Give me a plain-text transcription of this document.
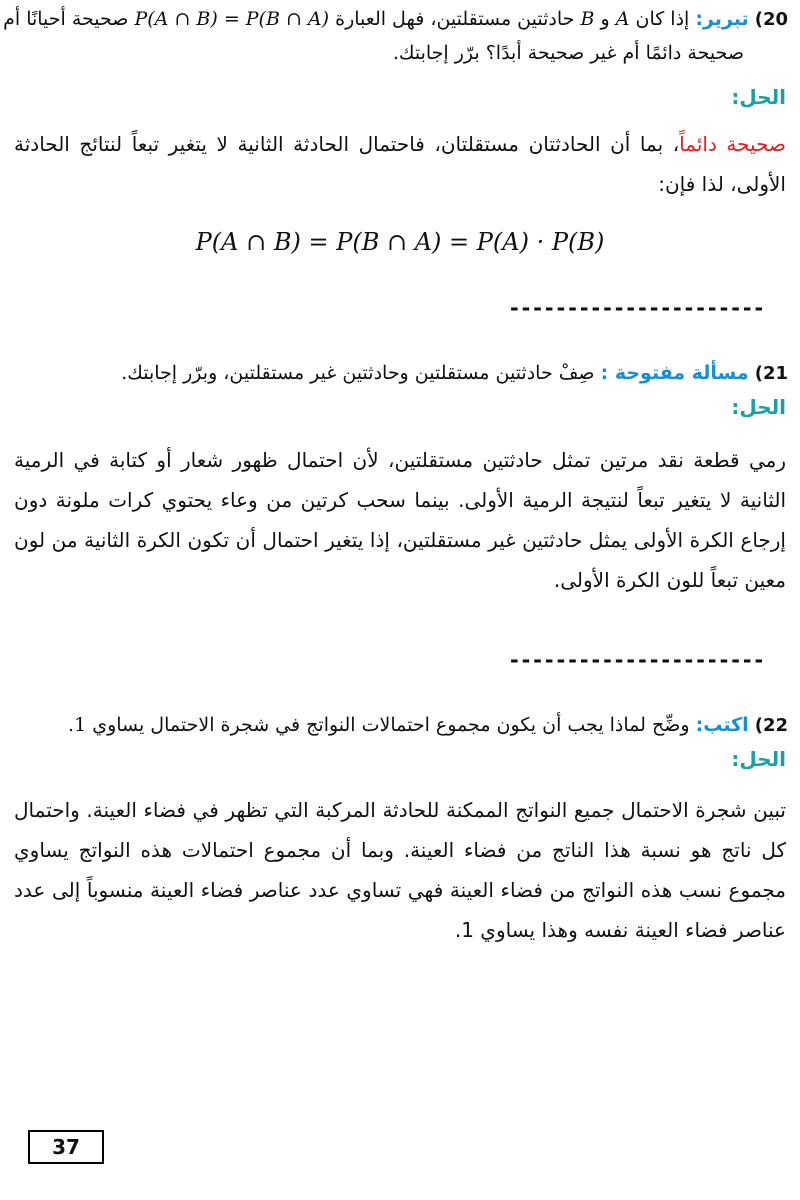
20) تبرير: إذا كان A و B حادثتين مستقلتين، فهل العبارة P(A ∩ B) = P(B ∩ A) صحيحة أحيانًا أم
صحيحة دائمًا أم غير صحيحة أبدًا؟ برّر إجابتك.
الحل:
صحيحة دائماً، بما أن الحادثتان مستقلتان، فاحتمال الحادثة الثانية لا يتغير تبعاً لنتائج الحادثة الأولى، لذا فإن:
P(A ∩ B) = P(B ∩ A) = P(A) · P(B)
----------------------
21) مسألة مفتوحة : صِفْ حادثتين مستقلتين وحادثتين غير مستقلتين، وبرّر إجابتك.
الحل:
رمي قطعة نقد مرتين تمثل حادثتين مستقلتين، لأن احتمال ظهور شعار أو كتابة في الرمية الثانية لا يتغير تبعاً لنتيجة الرمية الأولى. بينما سحب كرتين من وعاء يحتوي كرات ملونة دون إرجاع الكرة الأولى يمثل حادثتين غير مستقلتين، إذا يتغير احتمال أن تكون الكرة الثانية من لون معين تبعاً للون الكرة الأولى.
----------------------
22) اكتب: وضِّح لماذا يجب أن يكون مجموع احتمالات النواتج في شجرة الاحتمال يساوي 1.
الحل:
تبين شجرة الاحتمال جميع النواتج الممكنة للحادثة المركبة التي تظهر في فضاء العينة. واحتمال كل ناتج هو نسبة هذا الناتج من فضاء العينة. وبما أن مجموع احتمالات هذه النواتج يساوي مجموع نسب هذه النواتج من فضاء العينة فهي تساوي عدد عناصر فضاء العينة منسوباً إلى عدد عناصر فضاء العينة نفسه وهذا يساوي 1.
37
